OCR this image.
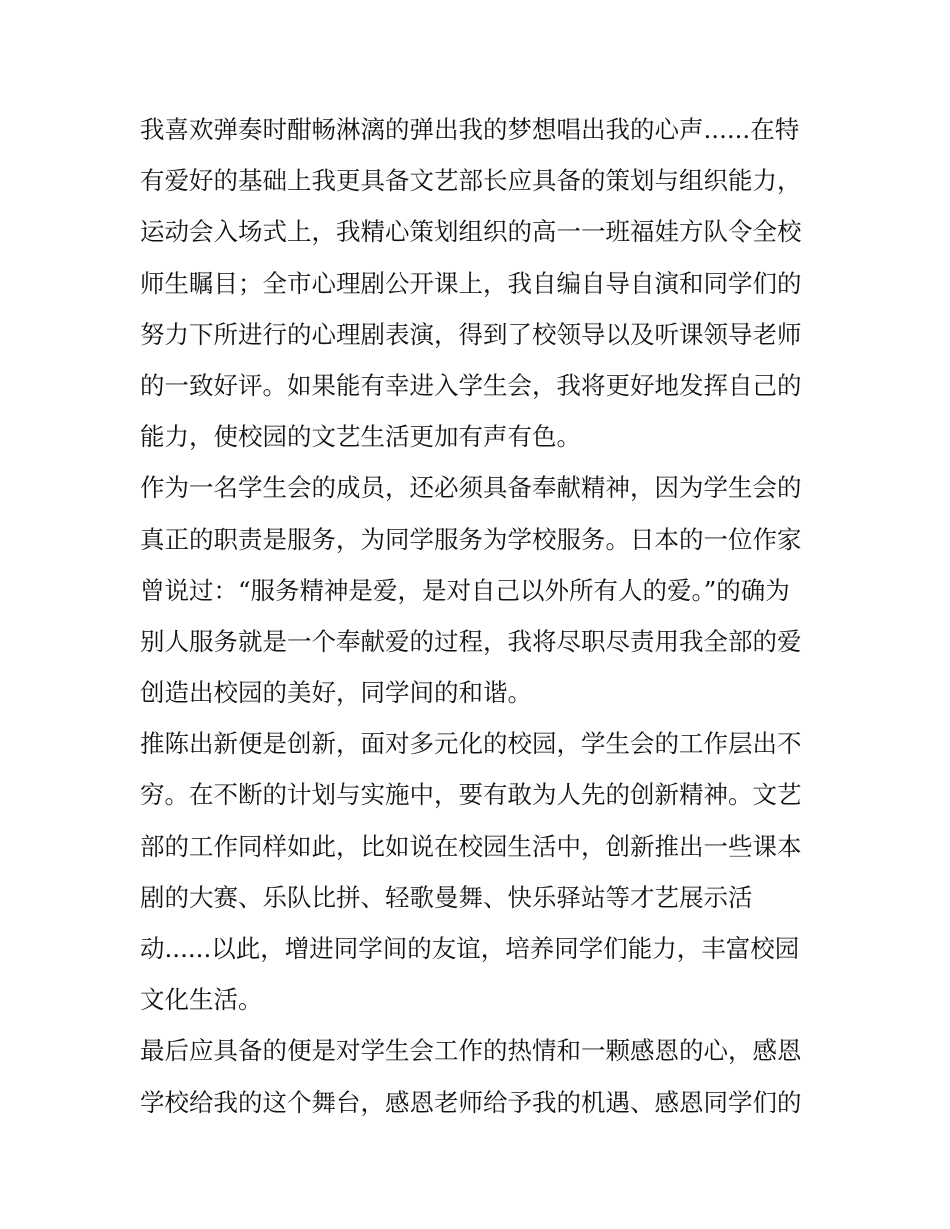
我喜欢弹奏时酣畅淋漓的弹出我的梦想唱出我的心声......在特
有爱好的基础上我更具备文艺部长应具备的策划与组织能力，
运动会入场式上，我精心策划组织的高一一班福娃方队令全校
师生瞩目；全市心理剧公开课上，我自编自导自演和同学们的
努力下所进行的心理剧表演，得到了校领导以及听课领导老师
的一致好评。如果能有幸进入学生会，我将更好地发挥自己的
能力，使校园的文艺生活更加有声有色。
作为一名学生会的成员，还必须具备奉献精神，因为学生会的
真正的职责是服务，为同学服务为学校服务。日本的一位作家
曾说过：“服务精神是爱，是对自己以外所有人的爱。”的确为
别人服务就是一个奉献爱的过程，我将尽职尽责用我全部的爱
创造出校园的美好，同学间的和谐。
推陈出新便是创新，面对多元化的校园，学生会的工作层出不
穷。在不断的计划与实施中，要有敢为人先的创新精神。文艺
部的工作同样如此，比如说在校园生活中，创新推出一些课本
剧的大赛、乐队比拼、轻歌曼舞、快乐驿站等才艺展示活
动......以此，增进同学间的友谊，培养同学们能力，丰富校园
文化生活。
最后应具备的便是对学生会工作的热情和一颗感恩的心，感恩
学校给我的这个舞台，感恩老师给予我的机遇、感恩同学们的
